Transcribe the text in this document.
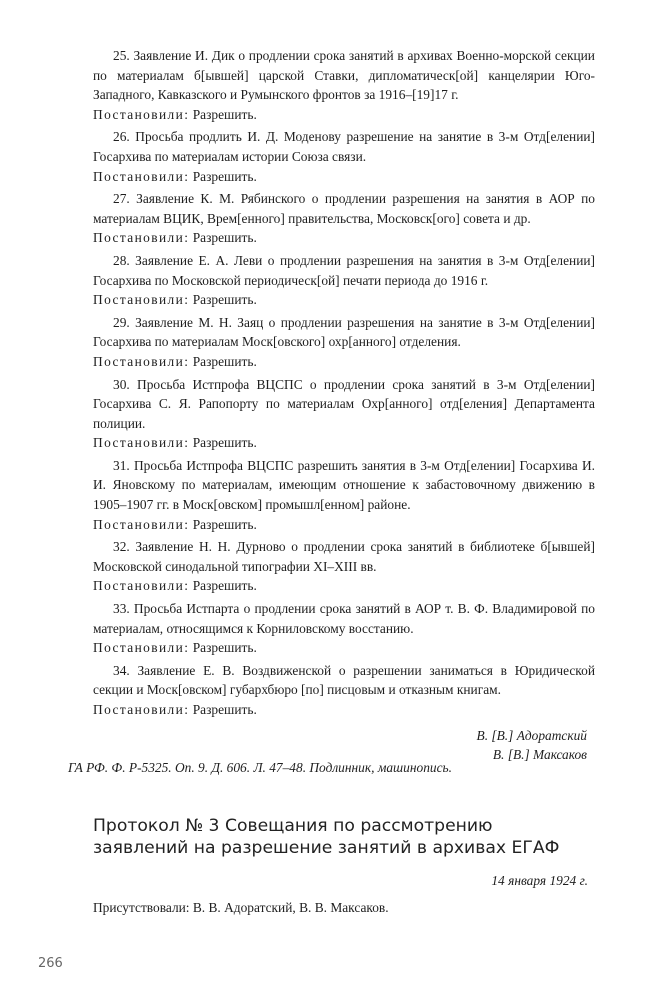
25. Заявление И. Дик о продлении срока занятий в архивах Военно-морской секции по материалам б[ывшей] царской Ставки, дипломатическ[ой] канцелярии Юго-Западного, Кавказского и Румынского фронтов за 1916–[19]17 г.

Постановили: Разрешить.

26. Просьба продлить И. Д. Моденову разрешение на занятие в 3-м Отд[елении] Госархива по материалам истории Союза связи.

Постановили: Разрешить.

27. Заявление К. М. Рябинского о продлении разрешения на занятия в АОР по материалам ВЦИК, Врем[енного] правительства, Московск[ого] совета и др.

Постановили: Разрешить.

28. Заявление Е. А. Леви о продлении разрешения на занятия в 3-м Отд[елении] Госархива по Московской периодическ[ой] печати периода до 1916 г.

Постановили: Разрешить.

29. Заявление М. Н. Заяц о продлении разрешения на занятие в 3-м Отд[елении] Госархива по материалам Моск[овского] охр[анного] отделения.

Постановили: Разрешить.

30. Просьба Истпрофа ВЦСПС о продлении срока занятий в 3-м Отд[елении] Госархива С. Я. Рапопорту по материалам Охр[анного] отд[еления] Департамента полиции.

Постановили: Разрешить.

31. Просьба Истпрофа ВЦСПС разрешить занятия в 3-м Отд[елении] Госархива И. И. Яновскому по материалам, имеющим отношение к забастовочному движению в 1905–1907 гг. в Моск[овском] промышл[енном] районе.

Постановили: Разрешить.

32. Заявление Н. Н. Дурново о продлении срока занятий в библиотеке б[ывшей] Московской синодальной типографии XI–XIII вв.

Постановили: Разрешить.

33. Просьба Истпарта о продлении срока занятий в АОР т. В. Ф. Владимировой по материалам, относящимся к Корниловскому восстанию.

Постановили: Разрешить.

34. Заявление Е. В. Воздвиженской о разрешении заниматься в Юридической секции и Моск[овском] губархбюро [по] писцовым и отказным книгам.

Постановили: Разрешить.

В. [В.] Адоратский
В. [В.] Максаков
ГА РФ. Ф. Р-5325. Оп. 9. Д. 606. Л. 47–48. Подлинник, машинопись.
Протокол № 3 Совещания по рассмотрению
заявлений на разрешение занятий в архивах ЕГАФ
14 января 1924 г.
Присутствовали: В. В. Адоратский, В. В. Максаков.
266
